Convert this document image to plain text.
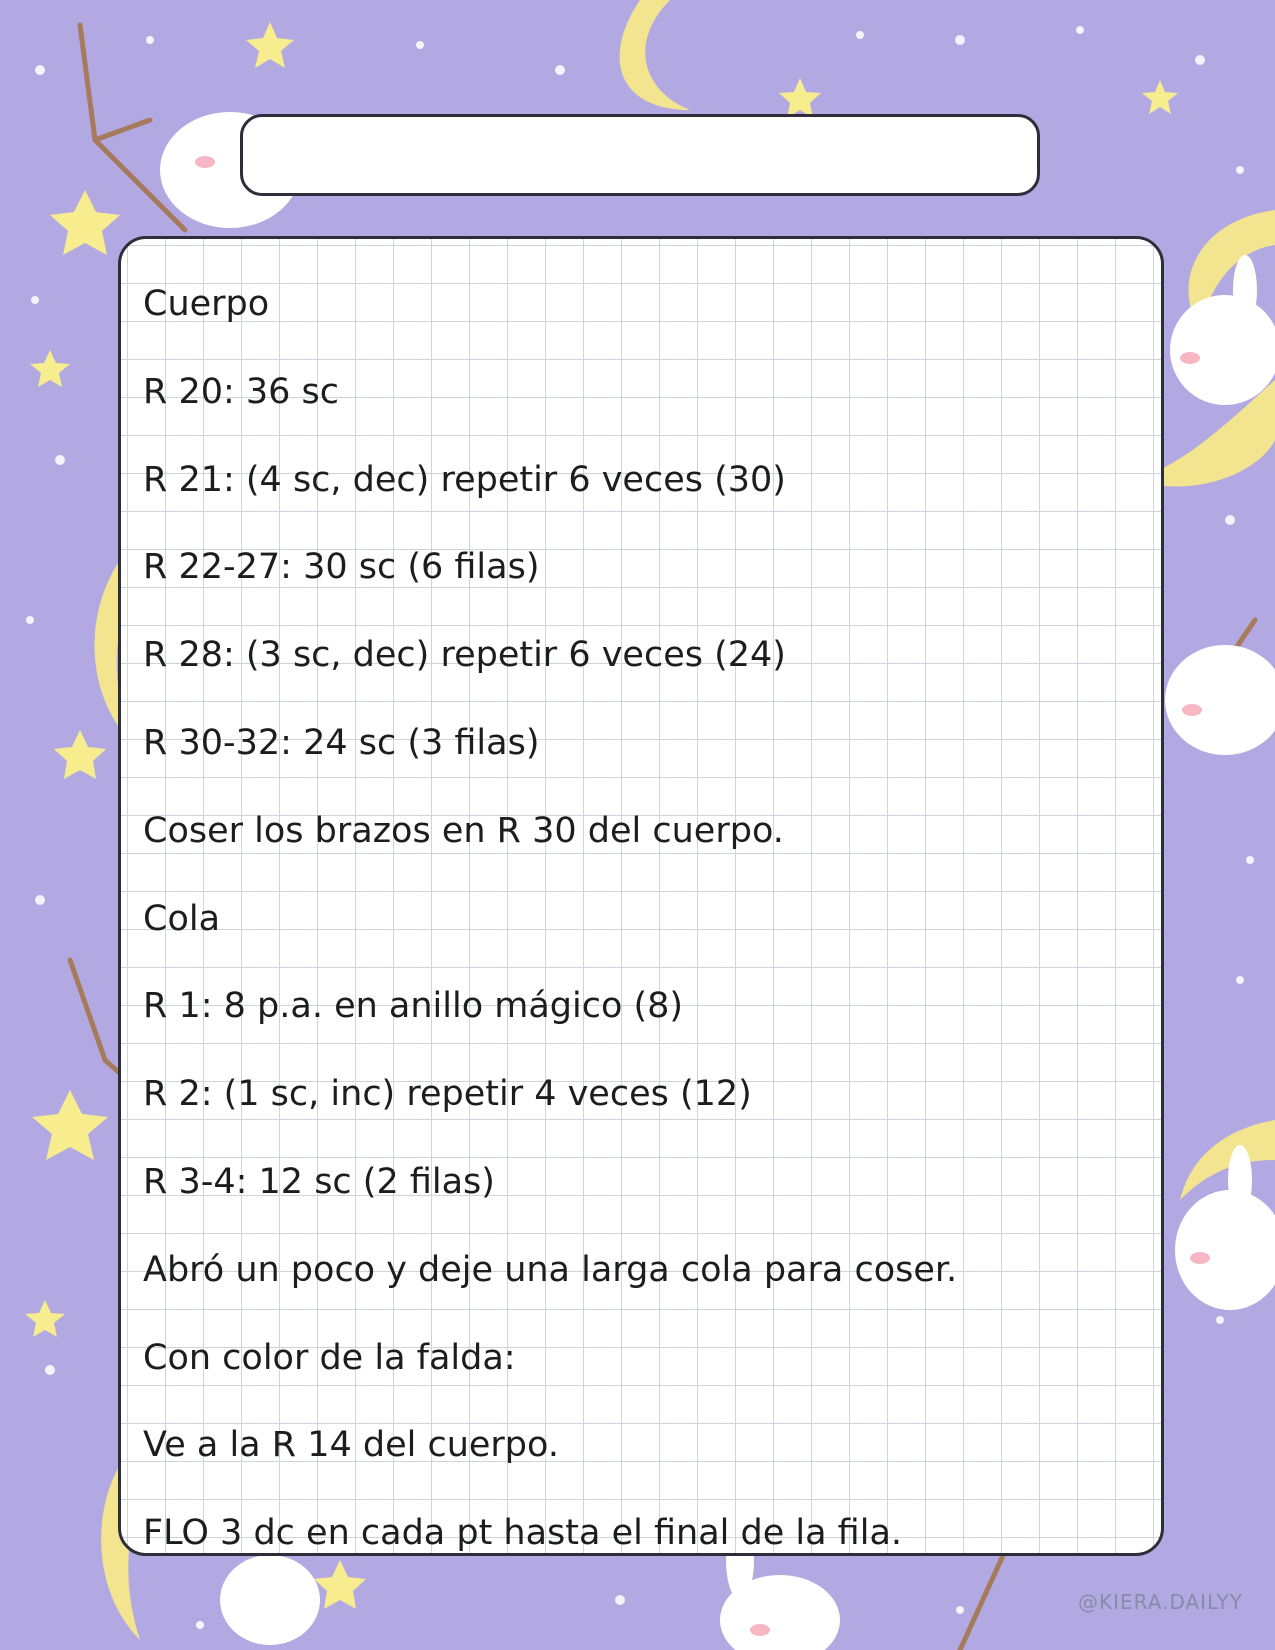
Cuerpo
R 20: 36 sc
R 21: (4 sc, dec) repetir 6 veces (30)
R 22-27: 30 sc (6 filas)
R 28: (3 sc, dec) repetir 6 veces (24)
R 30-32: 24 sc (3 filas)
Coser los brazos en R 30 del cuerpo.
Cola
R 1: 8 p.a. en anillo mágico (8)
R 2: (1 sc, inc) repetir 4 veces (12)
R 3-4: 12 sc (2 filas)
Abró un poco y deje una larga cola para coser.
Con color de la falda:
Ve a la R 14 del cuerpo.
FLO 3 dc en cada pt hasta el final de la fila.
@KIERA.DAILYY
